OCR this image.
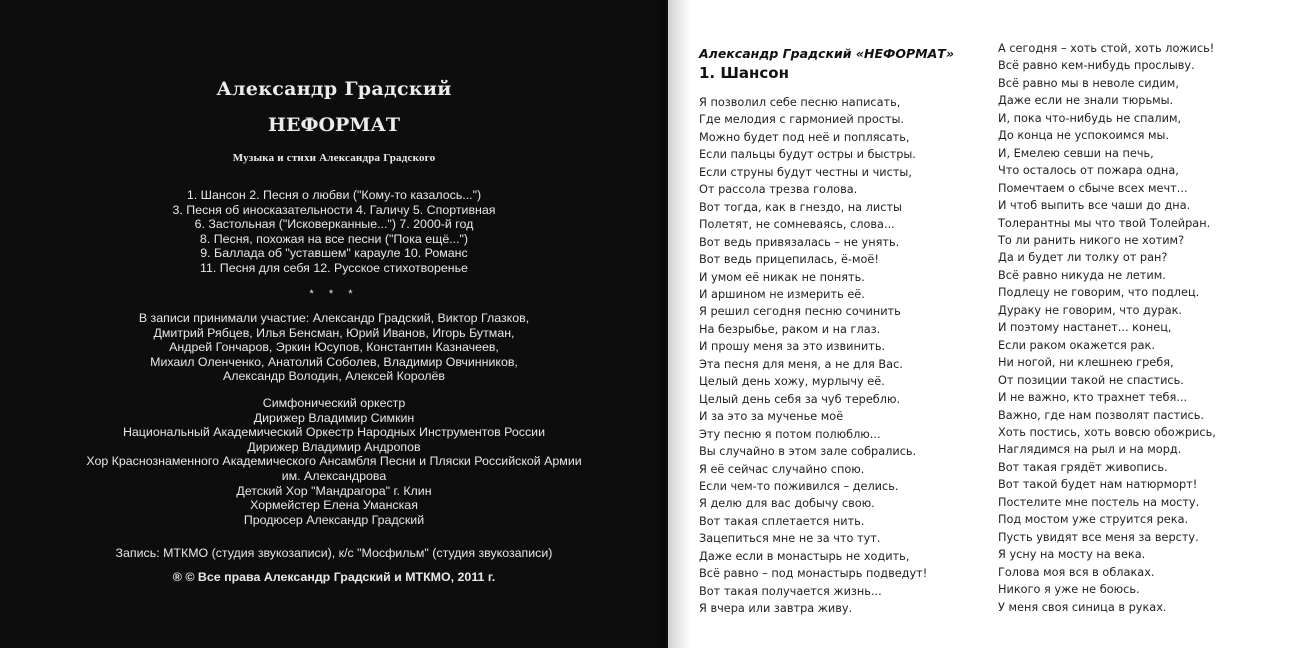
Александр Градский
НЕФОРМАТ
Музыка и стихи Александра Градского
1. Шансон 2. Песня о любви ("Кому-то казалось...")
3. Песня об иносказательности 4. Галичу 5. Спортивная
6. Застольная ("Исковерканные...") 7. 2000-й год
8. Песня, похожая на все песни ("Пока ещё...")
9. Баллада об "уставшем" карауле 10. Романс
11. Песня для себя 12. Русское стихотворенье
* * *
В записи принимали участие: Александр Градский, Виктор Глазков,
Дмитрий Рябцев, Илья Бенсман, Юрий Иванов, Игорь Бутман,
Андрей Гончаров, Эркин Юсупов, Константин Казначеев,
Михаил Оленченко, Анатолий Соболев, Владимир Овчинников,
Александр Володин, Алексей Королёв
Симфонический оркестр
Дирижер Владимир Симкин
Национальный Академический Оркестр Народных Инструментов России
Дирижер Владимир Андропов
Хор Краснознаменного Академического Ансамбля Песни и Пляски Российской Армии
им. Александрова
Детский Хор "Мандрагора" г. Клин
Хормейстер Елена Уманская
Продюсер Александр Градский
Запись: МТКМО (студия звукозаписи), к/с "Мосфильм" (студия звукозаписи)
® © Все права Александр Градский и МТКМО, 2011 г.
Александр Градский «НЕФОРМАТ»
1. Шансон
Я позволил себе песню написать,
Где мелодия с гармонией просты.
Можно будет под неё и поплясать,
Если пальцы будут остры и быстры.
Если струны будут честны и чисты,
От рассола трезва голова.
Вот тогда, как в гнездо, на листы
Полетят, не сомневаясь, слова...
Вот ведь привязалась – не унять.
Вот ведь прицепилась, ё-моё!
И умом её никак не понять.
И аршином не измерить её.
Я решил сегодня песню сочинить
На безрыбье, раком и на глаз.
И прошу меня за это извинить.
Эта песня для меня, а не для Вас.
Целый день хожу, мурлычу её.
Целый день себя за чуб тереблю.
И за это за мученье моё
Эту песню я потом полюблю...
Вы случайно в этом зале собрались.
Я её сейчас случайно спою.
Если чем-то поживился – делись.
Я делю для вас добычу свою.
Вот такая сплетается нить.
Зацепиться мне не за что тут.
Даже если в монастырь не ходить,
Всё равно – под монастырь подведут!
Вот такая получается жизнь...
Я вчера или завтра живу.
А сегодня – хоть стой, хоть ложись!
Всё равно кем-нибудь прослыву.
Всё равно мы в неволе сидим,
Даже если не знали тюрьмы.
И, пока что-нибудь не спалим,
До конца не успокоимся мы.
И, Емелею севши на печь,
Что осталось от пожара одна,
Помечтаем о сбыче всех мечт...
И чтоб выпить все чаши до дна.
Толерантны мы что твой Толейран.
То ли ранить никого не хотим?
Да и будет ли толку от ран?
Всё равно никуда не летим.
Подлецу не говорим, что подлец.
Дураку не говорим, что дурак.
И поэтому настанет... конец,
Если раком окажется рак.
Ни ногой, ни клешнею гребя,
От позиции такой не спастись.
И не важно, кто трахнет тебя...
Важно, где нам позволят пастись.
Хоть постись, хоть вовсю обожрись,
Наглядимся на рыл и на морд.
Вот такая грядёт живопись.
Вот такой будет нам натюрморт!
Постелите мне постель на мосту.
Под мостом уже струится река.
Пусть увидят все меня за версту.
Я усну на мосту на века.
Голова моя вся в облаках.
Никого я уже не боюсь.
У меня своя синица в руках.
